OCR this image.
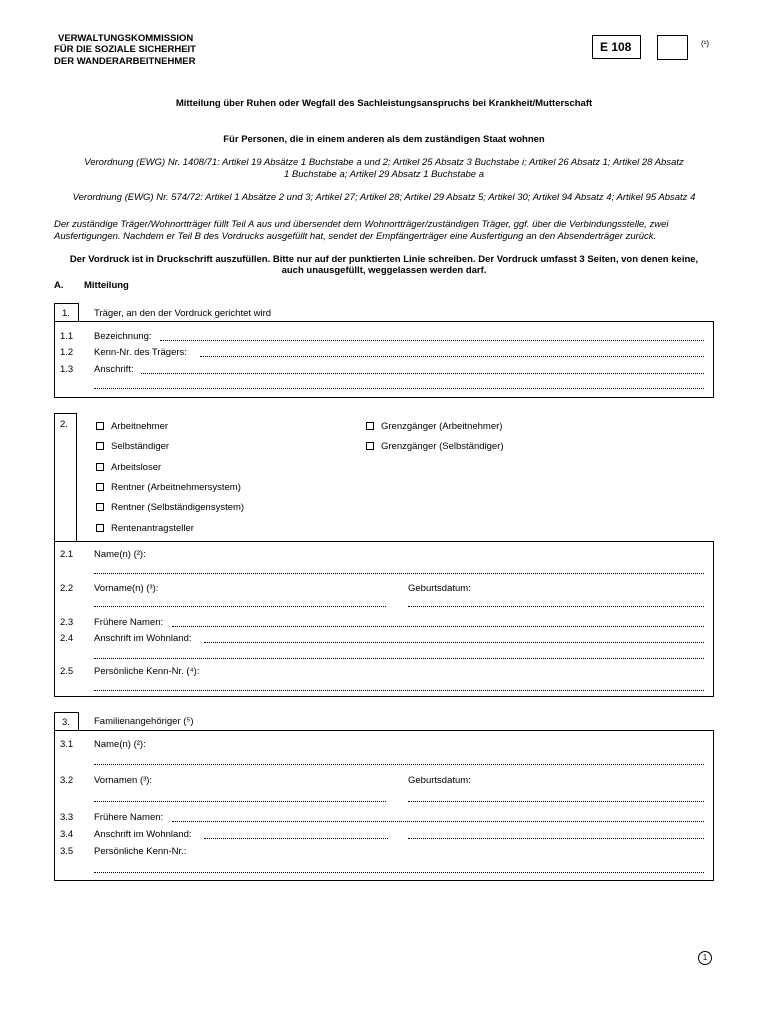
VERWALTUNGSKOMMISSION
FÜR DIE SOZIALE SICHERHEIT
DER WANDERARBEITNEHMER
E 108	(¹)
Mitteilung über Ruhen oder Wegfall des Sachleistungsanspruchs bei Krankheit/Mutterschaft
Für Personen, die in einem anderen als dem zuständigen Staat wohnen
Verordnung (EWG) Nr. 1408/71: Artikel 19 Absätze 1 Buchstabe a und 2; Artikel 25 Absatz 3 Buchstabe i; Artikel 26 Absatz 1; Artikel 28 Absatz
1 Buchstabe a; Artikel 29 Absatz 1 Buchstabe a
Verordnung (EWG) Nr. 574/72: Artikel 1 Absätze 2 und 3; Artikel 27; Artikel 28; Artikel 29 Absatz 5; Artikel 30; Artikel 94 Absatz 4; Artikel 95 Absatz 4
Der zuständige Träger/Wohnortträger füllt Teil A aus und übersendet dem Wohnortträger/zuständigen Träger, ggf. über die Verbindungsstelle, zwei
Ausfertigungen. Nachdem er Teil B des Vordrucks ausgefüllt hat, sendet der Empfängerträger eine Ausfertigung an den Absenderträger zurück.
Der Vordruck ist in Druckschrift auszufüllen. Bitte nur auf der punktierten Linie schreiben. Der Vordruck umfasst 3 Seiten, von denen keine,
auch unausgefüllt, weggelassen werden darf.
A. Mitteilung
1.	Träger, an den der Vordruck gerichtet wird
1.1 Bezeichnung:
1.2 Kenn-Nr. des Trägers:
1.3 Anschrift:
2.	Arbeitnehmer
Selbständiger
Arbeitsloser
Rentner (Arbeitnehmersystem)
Rentner (Selbständigensystem)
Rentenantragsteller
Grenzgänger (Arbeitnehmer)
Grenzgänger (Selbständiger)
2.1 Name(n) (²):
2.2 Vorname(n) (³):	Geburtsdatum:
2.3 Frühere Namen:
2.4 Anschrift im Wohnland:
2.5 Persönliche Kenn-Nr. (⁴):
3.	Familienangehöriger (⁵)
3.1 Name(n) (²):
3.2 Vornamen (³):	Geburtsdatum:
3.3 Frühere Namen:
3.4 Anschrift im Wohnland:
3.5 Persönliche Kenn-Nr.:
1
